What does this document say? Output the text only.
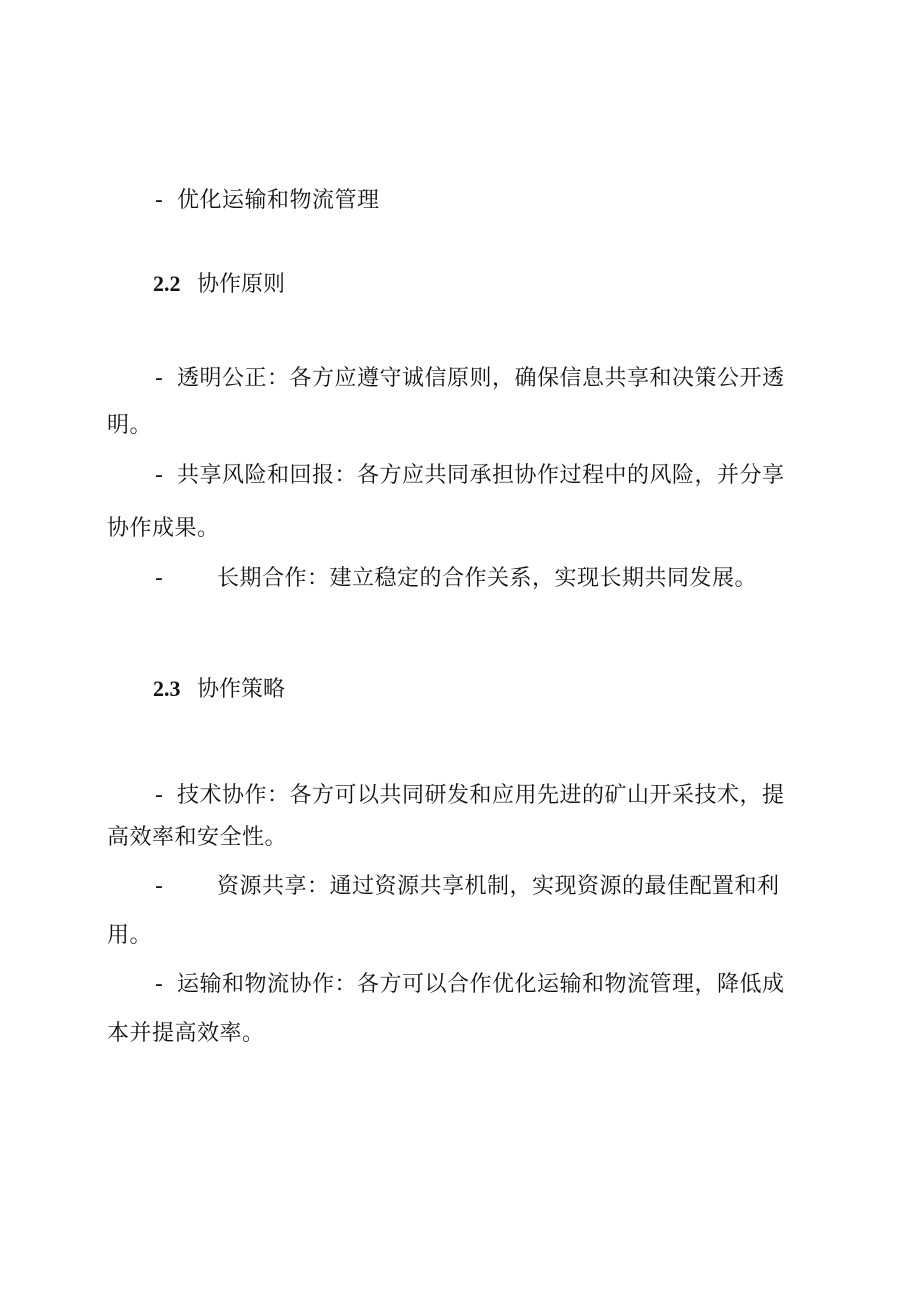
- 优化运输和物流管理
2.2 协作原则
- 透明公正：各方应遵守诚信原则，确保信息共享和决策公开透
明。
- 共享风险和回报：各方应共同承担协作过程中的风险，并分享
协作成果。
- 长期合作：建立稳定的合作关系，实现长期共同发展。
2.3 协作策略
- 技术协作：各方可以共同研发和应用先进的矿山开采技术，提
高效率和安全性。
- 资源共享：通过资源共享机制，实现资源的最佳配置和利
用。
- 运输和物流协作：各方可以合作优化运输和物流管理，降低成
本并提高效率。
